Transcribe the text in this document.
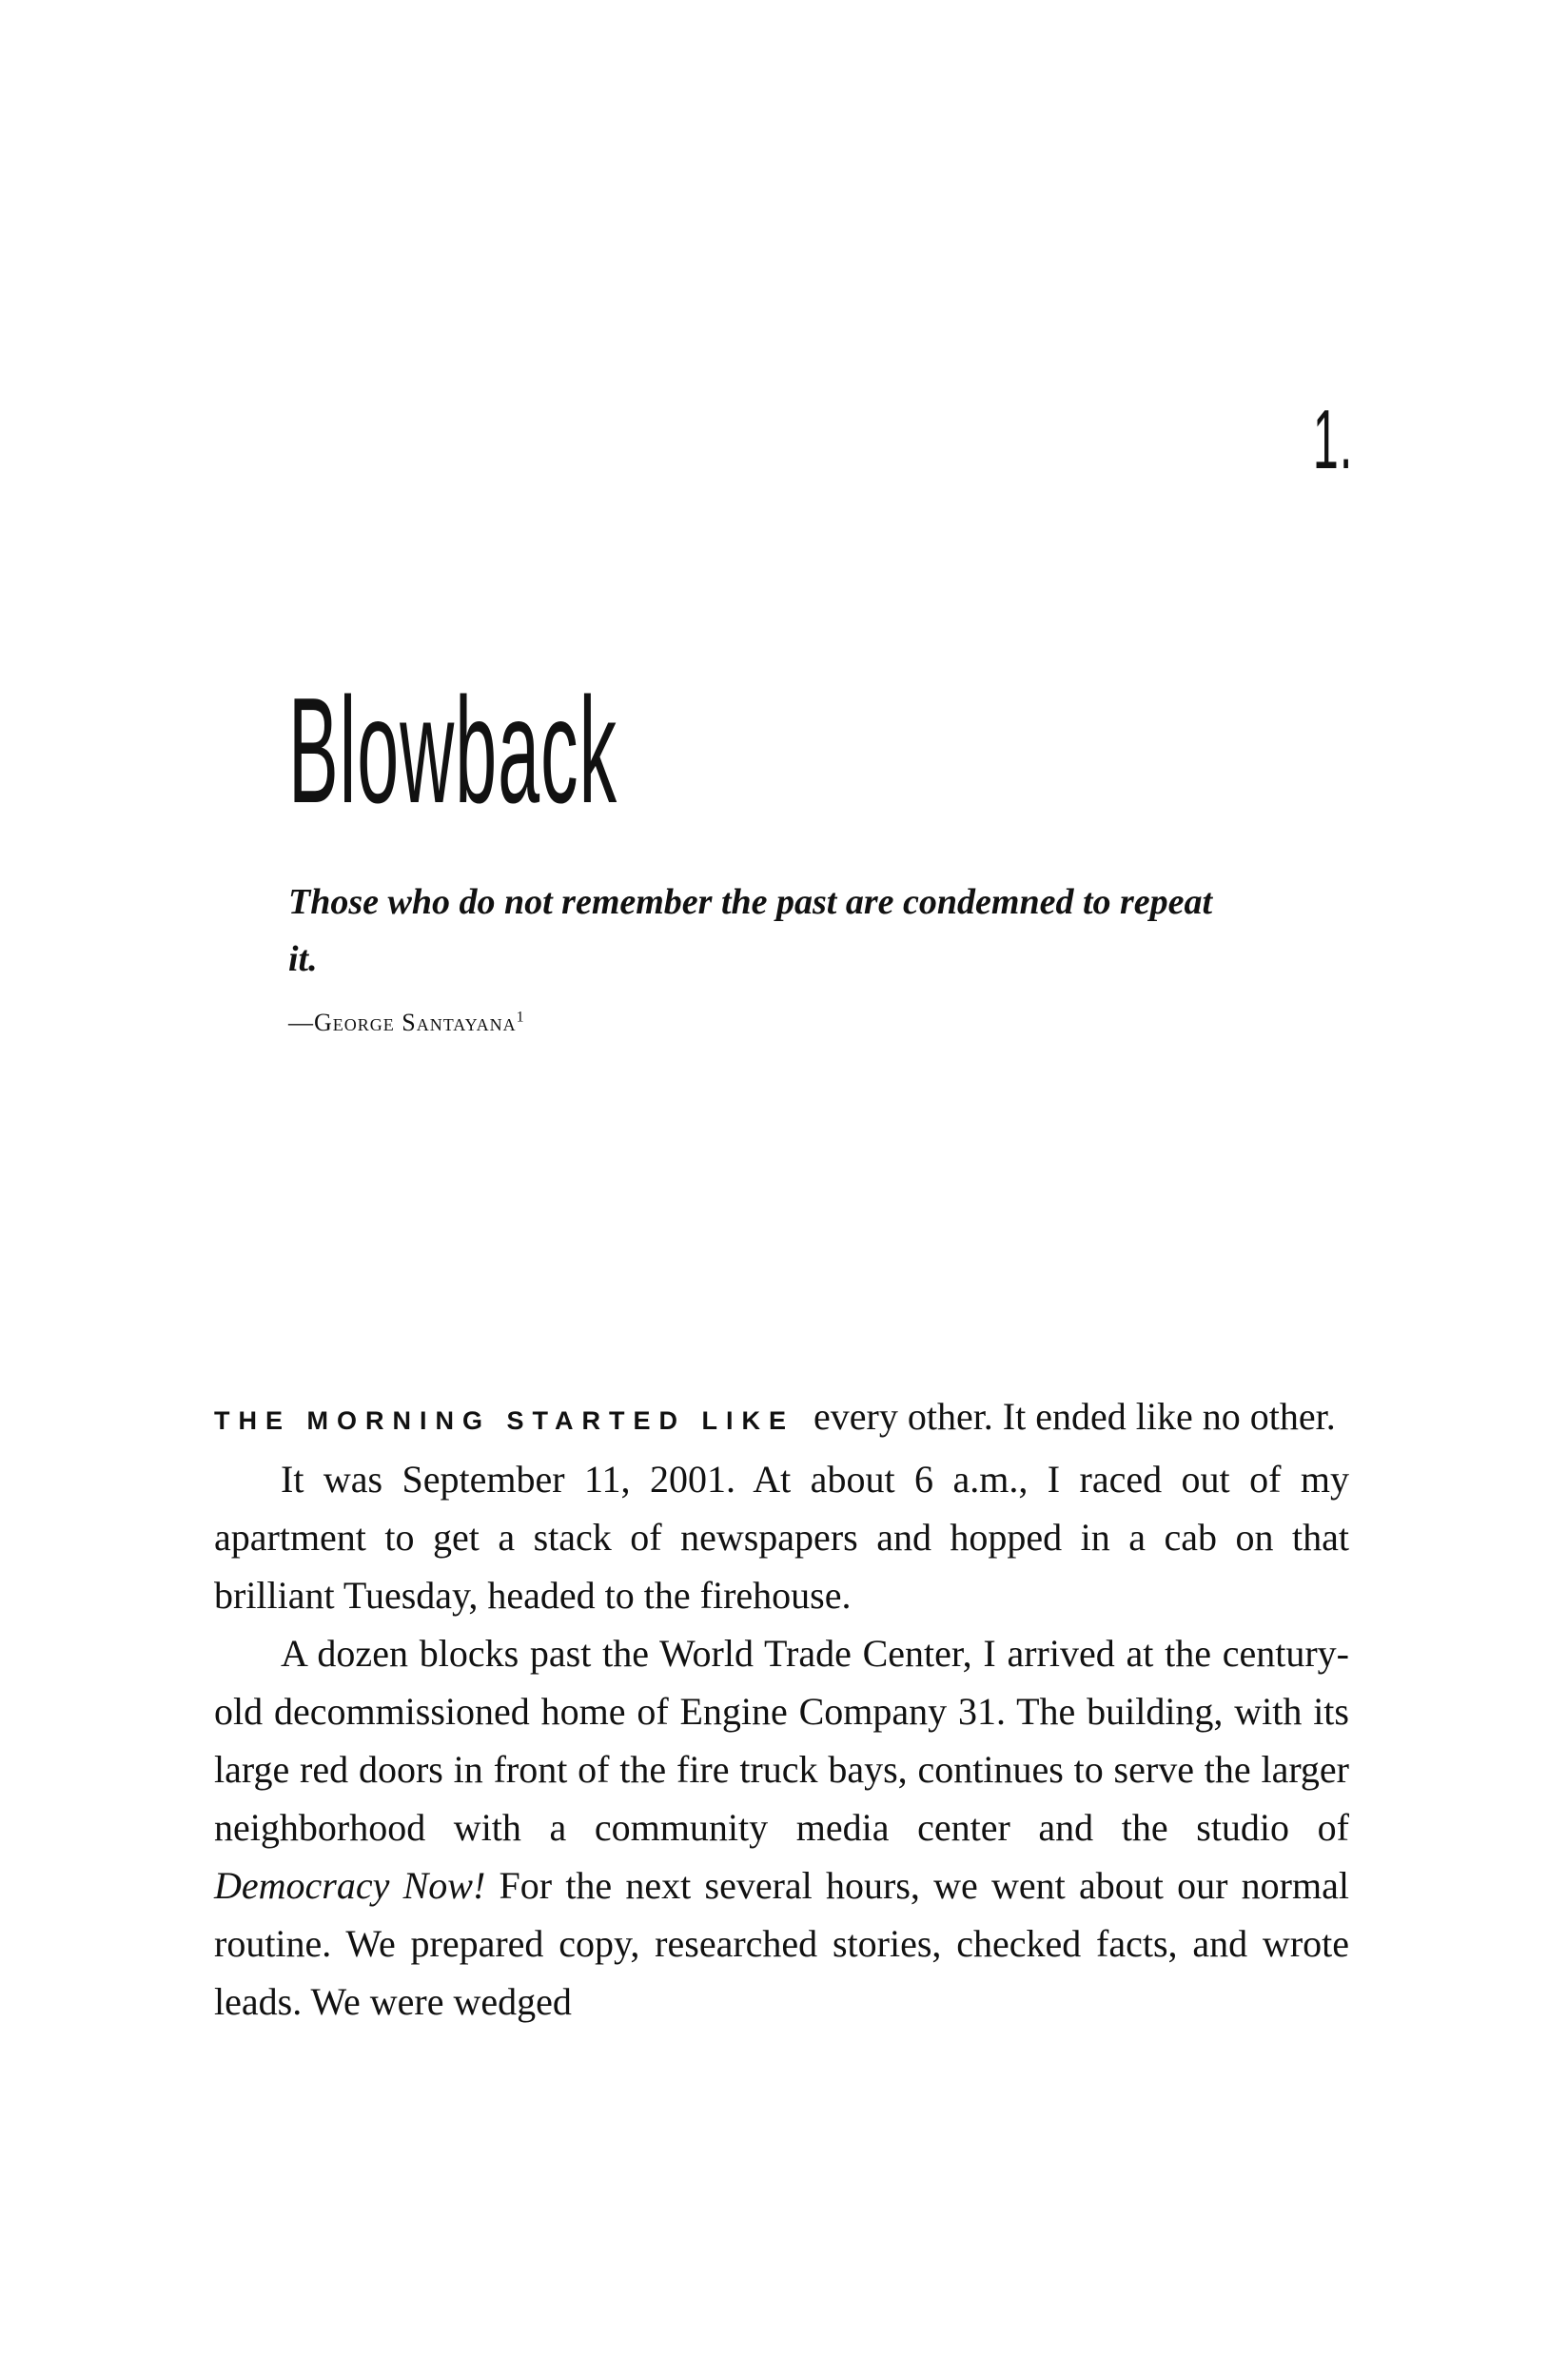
1.
Blowback

Those who do not remember the past are condemned to repeat it.

—George Santayana$^1$

THE MORNING STARTED LIKE every other. It ended like no other.

It was September 11, 2001. At about 6 a.m., I raced out of my apartment to get a stack of newspapers and hopped in a cab on that brilliant Tuesday, headed to the firehouse.

A dozen blocks past the World Trade Center, I arrived at the century-old decommissioned home of Engine Company 31. The building, with its large red doors in front of the fire truck bays, continues to serve the larger neighborhood with a community media center and the studio of Democracy Now! For the next several hours, we went about our normal routine. We prepared copy, researched stories, checked facts, and wrote leads. We were wedged
